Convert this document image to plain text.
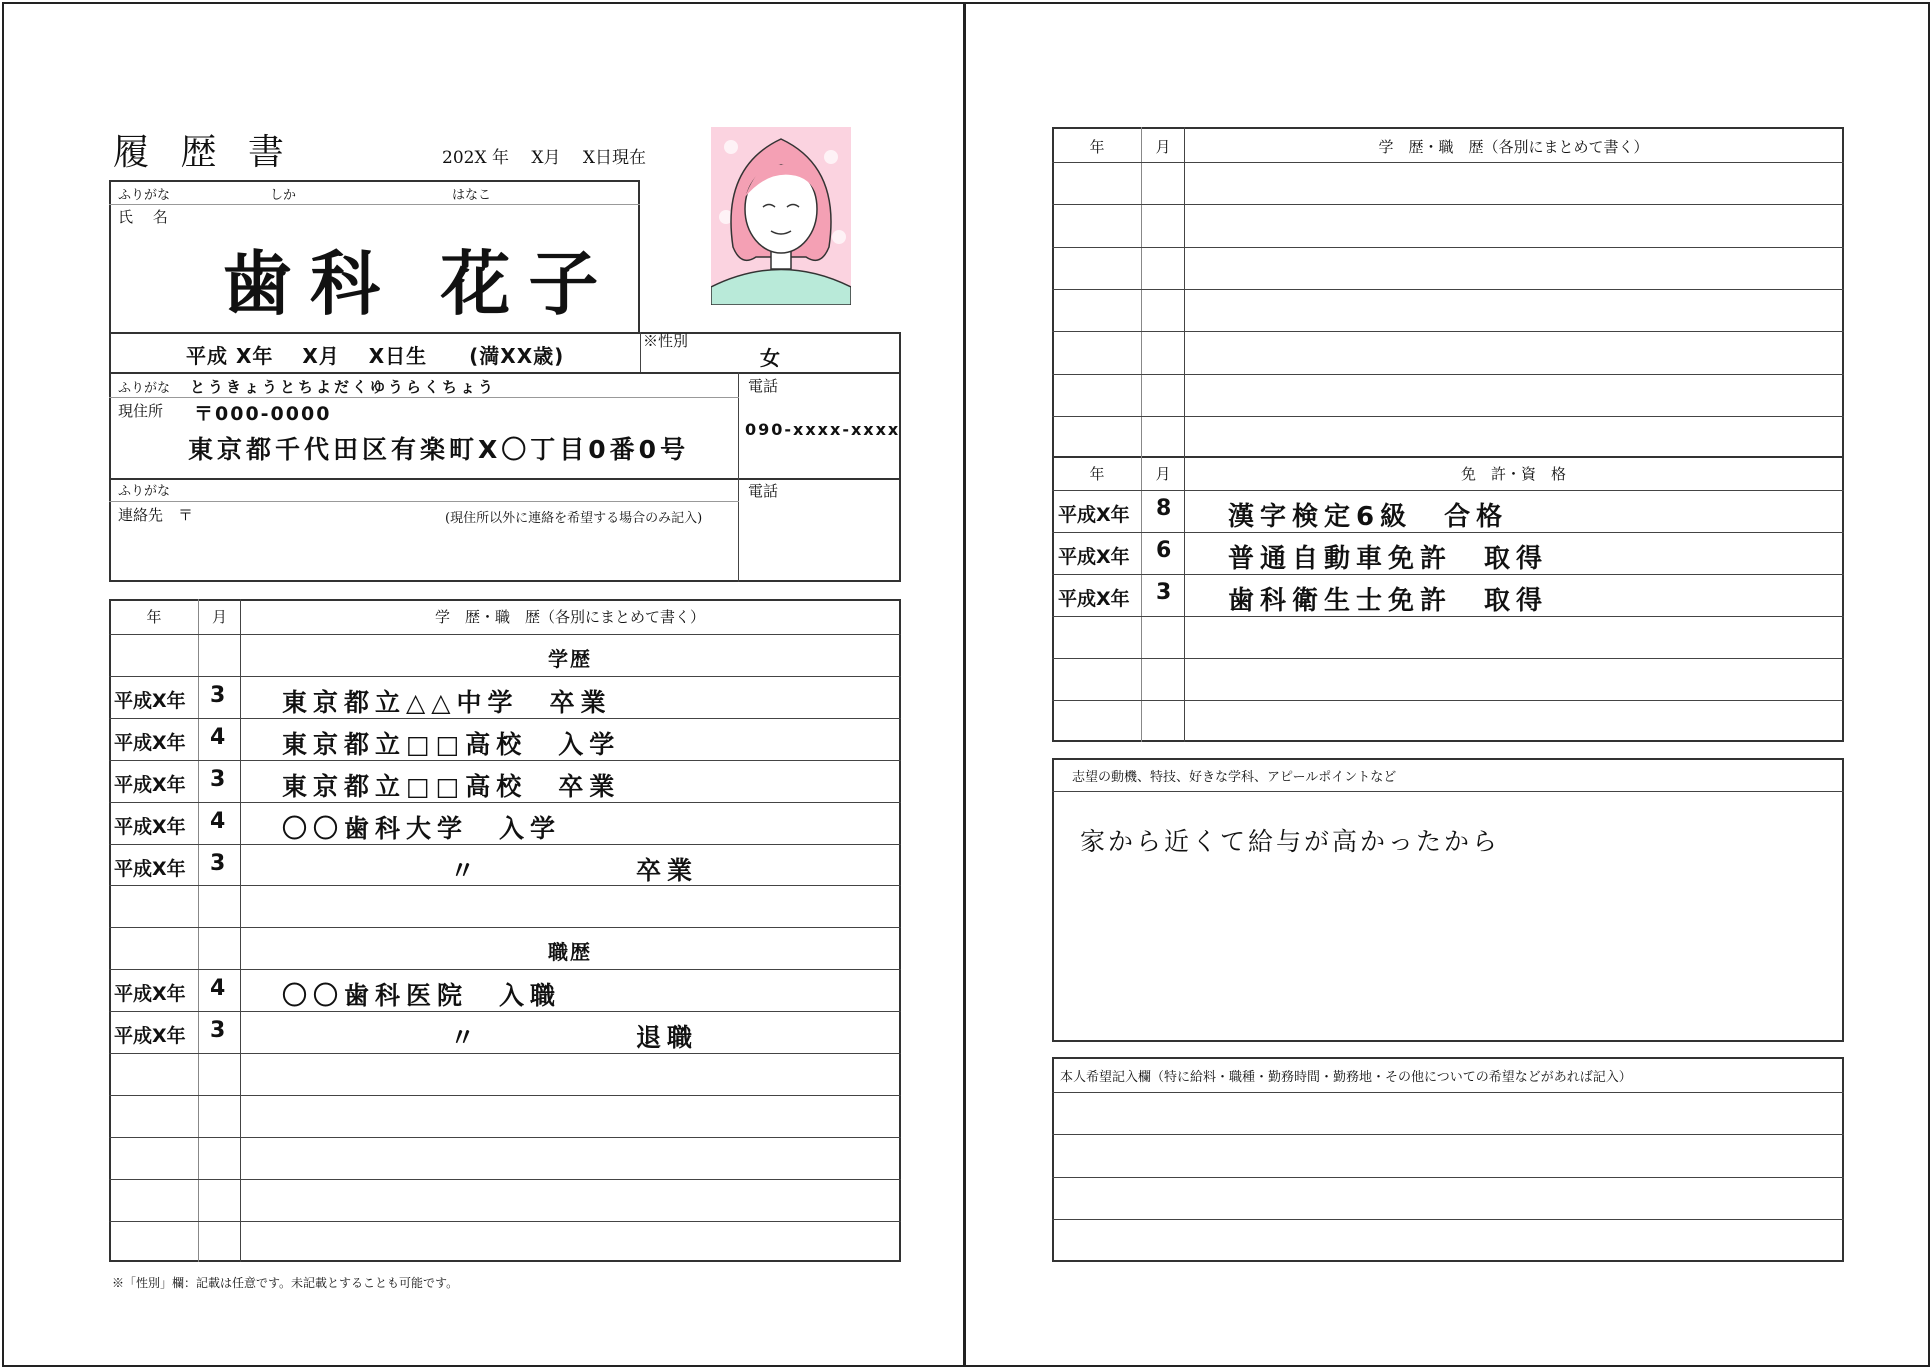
履 歴 書	202X 年　 X月　 X日現在
ふりがな	しか	はなこ
氏　 名
歯科 花子
平成 X年　 X月　 X日生　　(満XX歳)
※性別
女
ふりがな とうきょうとちよだくゆうらくちょう
現住所 〒000-0000
東京都千代田区有楽町X〇丁目0番0号
電話
090-xxxx-xxxx
ふりがな
連絡先　〒	(現住所以外に連絡を希望する場合のみ記入)
電話
年	月	学　歴・職　歴（各別にまとめて書く）
学歴
平成X年 3 東京都立△△中学　卒業
平成X年 4 東京都立□□高校　入学
平成X年 3 東京都立□□高校　卒業
平成X年 4 〇〇歯科大学　入学
平成X年 3	〃　　　　　卒業
職歴
平成X年 4 〇〇歯科医院　入職
平成X年 3	〃　　　　　退職
※「性別」欄：記載は任意です。未記載とすることも可能です。
年	月	学　歴・職　歴（各別にまとめて書く）
年	月	免　許・資　格
平成X年 8 漢字検定6級　合格
平成X年 6 普通自動車免許　取得
平成X年 3 歯科衛生士免許　取得
志望の動機、特技、好きな学科、アピールポイントなど
家から近くて給与が高かったから
本人希望記入欄（特に給料・職種・勤務時間・勤務地・その他についての希望などがあれば記入）
